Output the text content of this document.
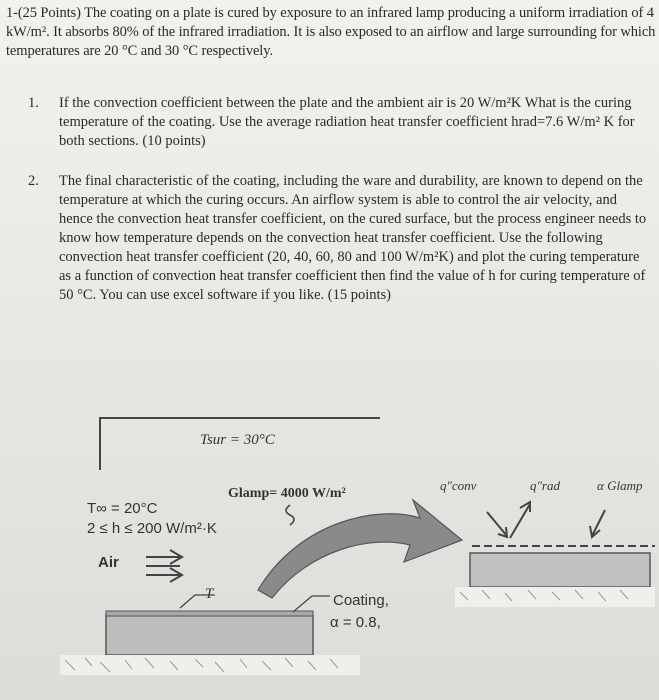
1-(25 Points) The coating on a plate is cured by exposure to an infrared lamp producing a uniform irradiation of 4 kW/m². It absorbs 80% of the infrared irradiation. It is also exposed to an airflow and large surrounding for which temperatures are 20 °C and 30 °C respectively.
1. If the convection coefficient between the plate and the ambient air is 20 W/m²K What is the curing temperature of the coating. Use the average radiation heat transfer coefficient hrad=7.6 W/m² K for both sections. (10 points)
2. The final characteristic of the coating, including the ware and durability, are known to depend on the temperature at which the curing occurs. An airflow system is able to control the air velocity, and hence the convection heat transfer coefficient, on the cured surface, but the process engineer needs to know how temperature depends on the convection heat transfer coefficient. Use the following convection heat transfer coefficient (20, 40, 60, 80 and 100 W/m²K) and plot the curing temperature as a function of convection heat transfer coefficient then find the value of h for curing temperature of 50 °C. You can use excel software if you like. (15 points)
Tsur = 30°C
Glamp= 4000 W/m²
T∞ = 20°C
2 ≤ h ≤ 200 W/m²·K
Air
T	Coating,
α = 0.8,
q″conv	q″rad	α Glamp
